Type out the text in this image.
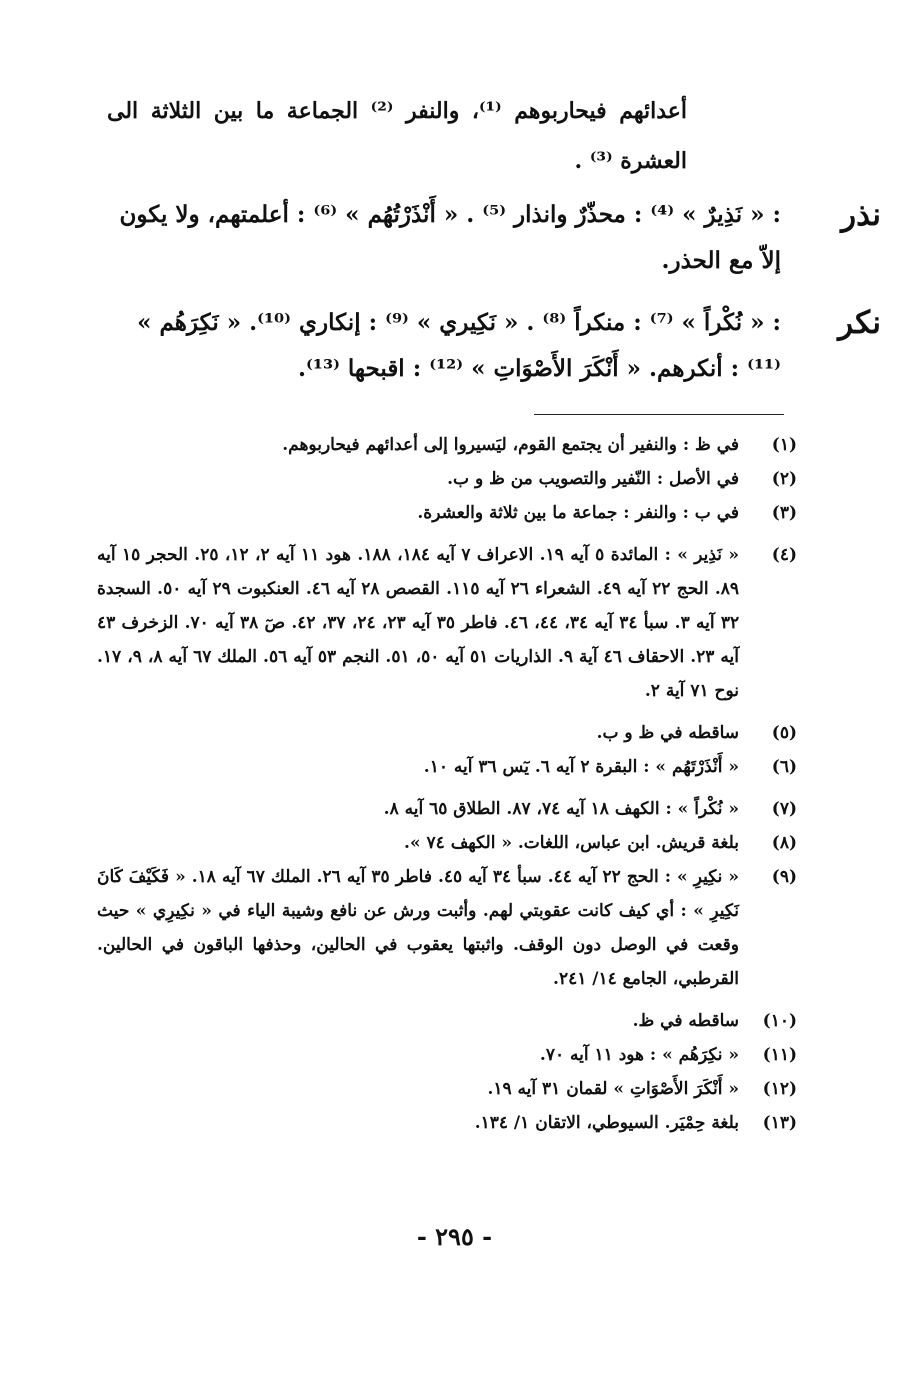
أعدائهم فيحاربوهم ⁽¹⁾، والنفر ⁽²⁾ الجماعة ما بين الثلاثة الى العشرة ⁽³⁾ .

نذر
: « نَذِيرٌ » ⁽⁴⁾ : محذّرٌ وانذار ⁽⁵⁾ . « أَنْذَرْتُهُم » ⁽⁶⁾ : أعلمتهم، ولا يكون إلاّ مع الحذر.
نكر
: « نُكْراً » ⁽⁷⁾ : منكراً ⁽⁸⁾ . « نَكِيري » ⁽⁹⁾ : إنكاري ⁽¹⁰⁾. « نَكِرَهُم » ⁽¹¹⁾ : أنكرهم. « أَنْكَرَ الأَصْوَاتِ » ⁽¹²⁾ : اقبحها ⁽¹³⁾.
(١)
في ظ : والنفير أن يجتمع القوم، ليَسيروا إلى أعدائهم فيحاربوهم.
(٢)
في الأصل : النّفير والتصويب من ظ و ب.
(٣)
في ب : والنفر : جماعة ما بين ثلاثة والعشرة.
(٤)
« نَذِير » : المائدة ٥ آيه ١٩. الاعراف ٧ آيه ١٨٤، ١٨٨. هود ١١ آيه ٢، ١٢، ٢٥. الحجر ١٥ آيه ٨٩. الحج ٢٢ آيه ٤٩. الشعراء ٢٦ آيه ١١٥. القصص ٢٨ آيه ٤٦. العنكبوت ٢٩ آيه ٥٠. السجدة ٣٢ آيه ٣. سبأ ٣٤ آيه ٣٤، ٤٤، ٤٦. فاطر ٣٥ آيه ٢٣، ٢٤، ٣٧، ٤٢. صٓ ٣٨ آيه ٧٠. الزخرف ٤٣ آيه ٢٣. الاحقاف ٤٦ آية ٩. الذاريات ٥١ آيه ٥٠، ٥١. النجم ٥٣ آيه ٥٦. الملك ٦٧ آيه ٨، ٩، ١٧. نوح ٧١ آية ٢.
(٥)
ساقطه في ظ و ب.
(٦)
« أَنْذَرْتَهُم » : البقرة ٢ آيه ٦. يٓس ٣٦ آيه ١٠.
(٧)
« نُكْراً » : الكهف ١٨ آيه ٧٤، ٨٧. الطلاق ٦٥ آيه ٨.
(٨)
بلغة قريش. ابن عباس، اللغات. « الكهف ٧٤ ».
(٩)
« نكِيرِ » : الحج ٢٢ آيه ٤٤. سبأ ٣٤ آيه ٤٥. فاطر ٣٥ آيه ٢٦. الملك ٦٧ آيه ١٨. « فَكَيْفَ كَانَ نَكِيرِ » : أي كيف كانت عقوبتي لهم. وأثبت ورش عن نافع وشيبة الياء في « نكِيرِي » حيث وقعت في الوصل دون الوقف. واثبتها يعقوب في الحالين، وحذفها الباقون في الحالين. القرطبي، الجامع ١٤/ ٢٤١.
(١٠)
ساقطه في ظ.
(١١)
« نكِرَهُم » : هود ١١ آيه ٧٠.
(١٢)
« أَنْكَرَ الأَصْوَاتِ » لقمان ٣١ آيه ١٩.
(١٣)
بلغة حِمْيَر. السيوطي، الاتقان ١/ ١٣٤.
- ٢٩٥ -
